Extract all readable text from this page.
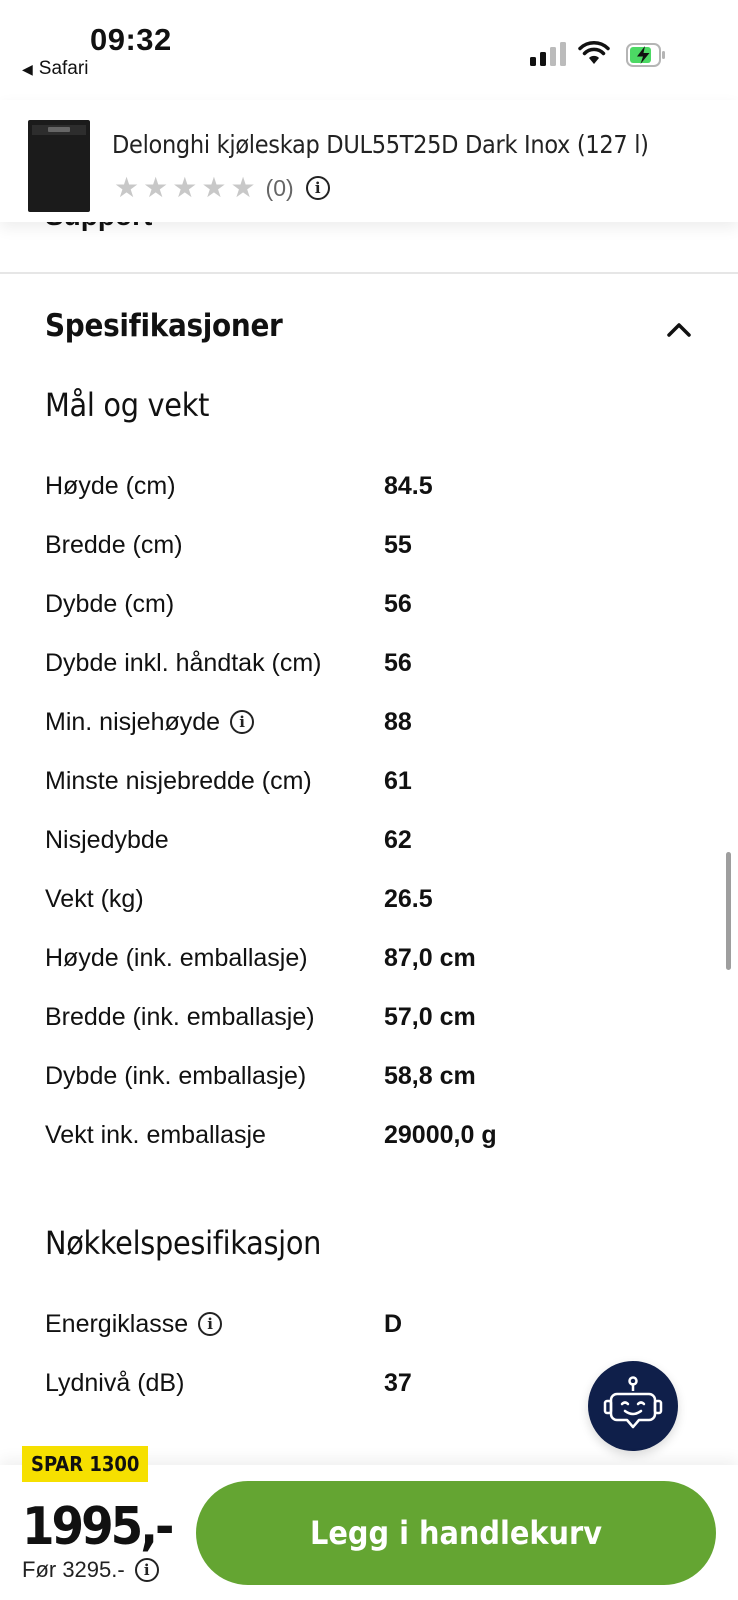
09:32
◀ Safari
Delonghi kjøleskap DUL55T25D Dark Inox (127 l)
★ ★ ★ ★ ★ (0)	i
Spesifikasjoner
Mål og vekt
Høyde (cm)	84.5
Bredde (cm)	55
Dybde (cm)	56
Dybde inkl. håndtak (cm) 56
Min. nisjehøyde	i	88
Minste nisjebredde (cm)	61
Nisjedybde	62
Vekt (kg)	26.5
Høyde (ink. emballasje)	87,0 cm
Bredde (ink. emballasje)	57,0 cm
Dybde (ink. emballasje)	58,8 cm
Vekt ink. emballasje	29000,0 g
Nøkkelspesifikasjon
Energiklasse	i	D
Lydnivå (dB)	37
SPAR 1300
1995,-
Før 3295.-	i
Legg i handlekurv
